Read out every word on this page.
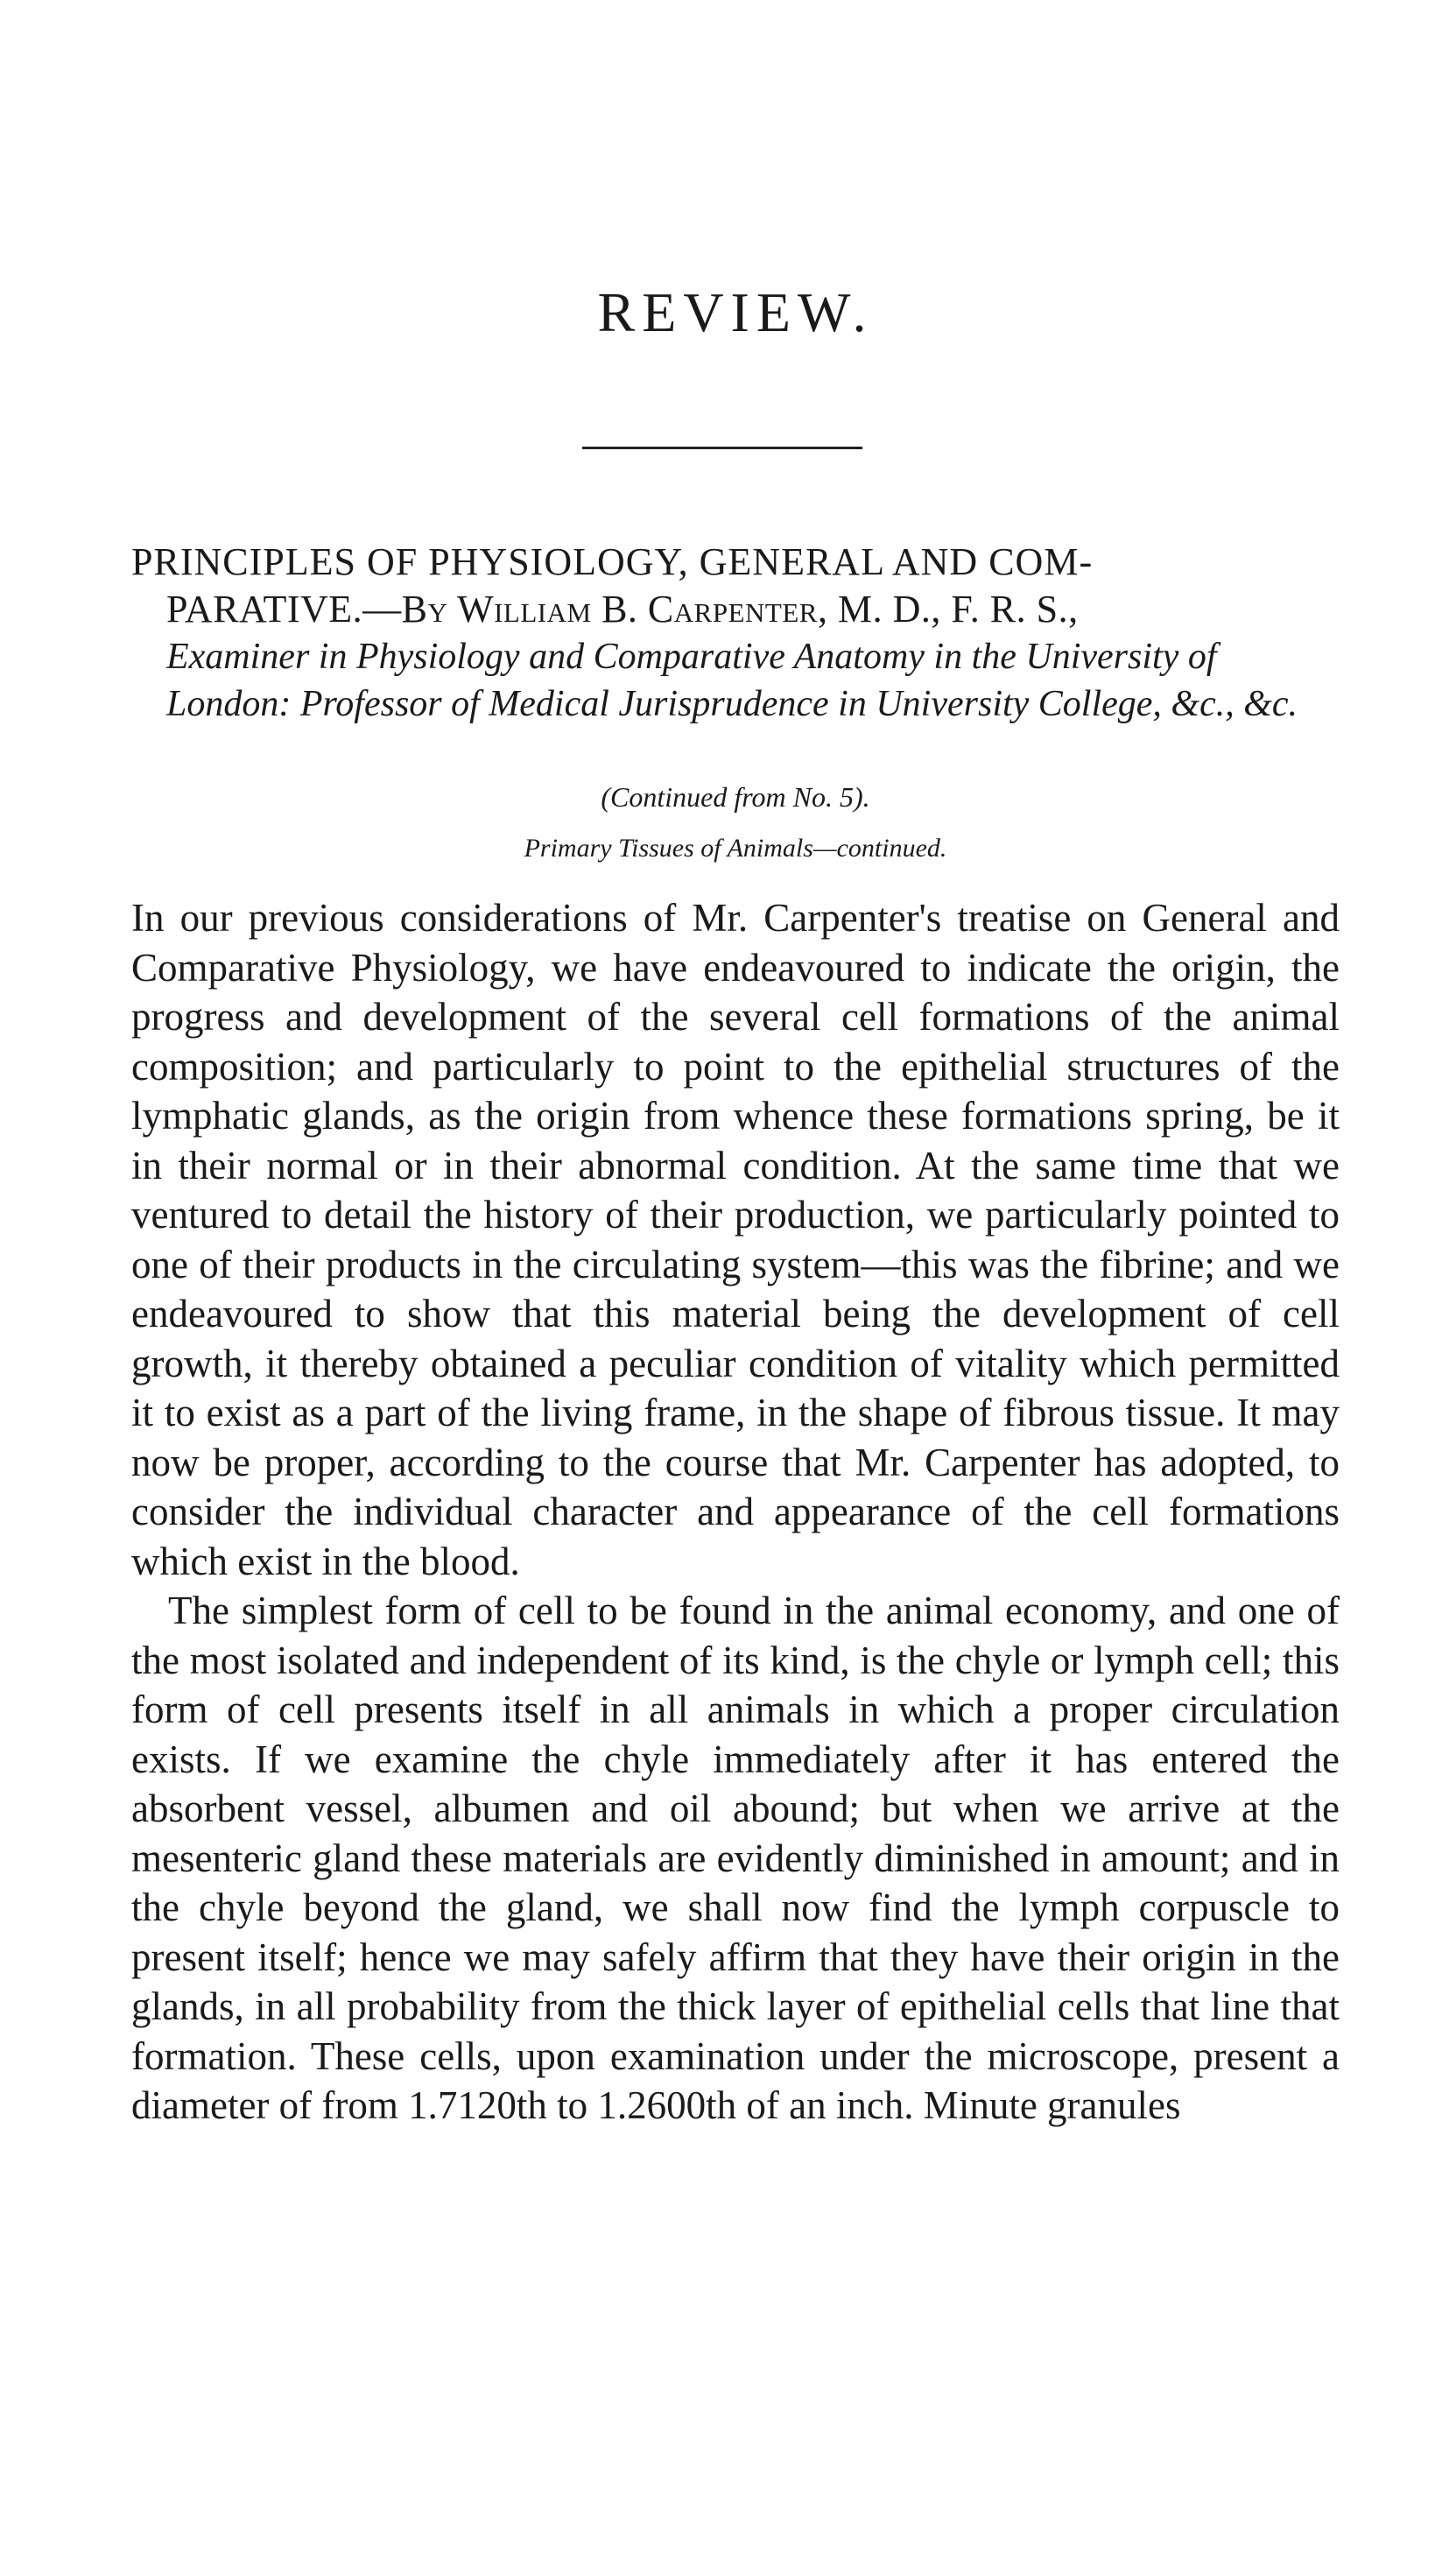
REVIEW.
PRINCIPLES OF PHYSIOLOGY, GENERAL AND COM-
PARATIVE.—By William B. Carpenter, M. D., F. R. S.,
Examiner in Physiology and Comparative Anatomy in the University of London: Professor of Medical Jurisprudence in University College, &c., &c.
(Continued from No. 5).
Primary Tissues of Animals—continued.

In our previous considerations of Mr. Carpenter's treatise on General and Comparative Physiology, we have endeavoured to indicate the origin, the progress and development of the several cell formations of the animal composition; and particularly to point to the epithelial structures of the lymphatic glands, as the origin from whence these formations spring, be it in their normal or in their abnormal condition. At the same time that we ventured to detail the history of their production, we particularly pointed to one of their products in the circulating system—this was the fibrine; and we endeavoured to show that this material being the development of cell growth, it thereby obtained a peculiar condition of vitality which permitted it to exist as a part of the living frame, in the shape of fibrous tissue. It may now be proper, according to the course that Mr. Carpenter has adopted, to consider the individual character and appearance of the cell formations which exist in the blood.

The simplest form of cell to be found in the animal economy, and one of the most isolated and independent of its kind, is the chyle or lymph cell; this form of cell presents itself in all animals in which a proper circulation exists. If we examine the chyle immediately after it has entered the absorbent vessel, albumen and oil abound; but when we arrive at the mesenteric gland these materials are evidently diminished in amount; and in the chyle beyond the gland, we shall now find the lymph corpuscle to present itself; hence we may safely affirm that they have their origin in the glands, in all probability from the thick layer of epithelial cells that line that formation. These cells, upon examination under the microscope, present a diameter of from 1.7120th to 1.2600th of an inch. Minute granules
